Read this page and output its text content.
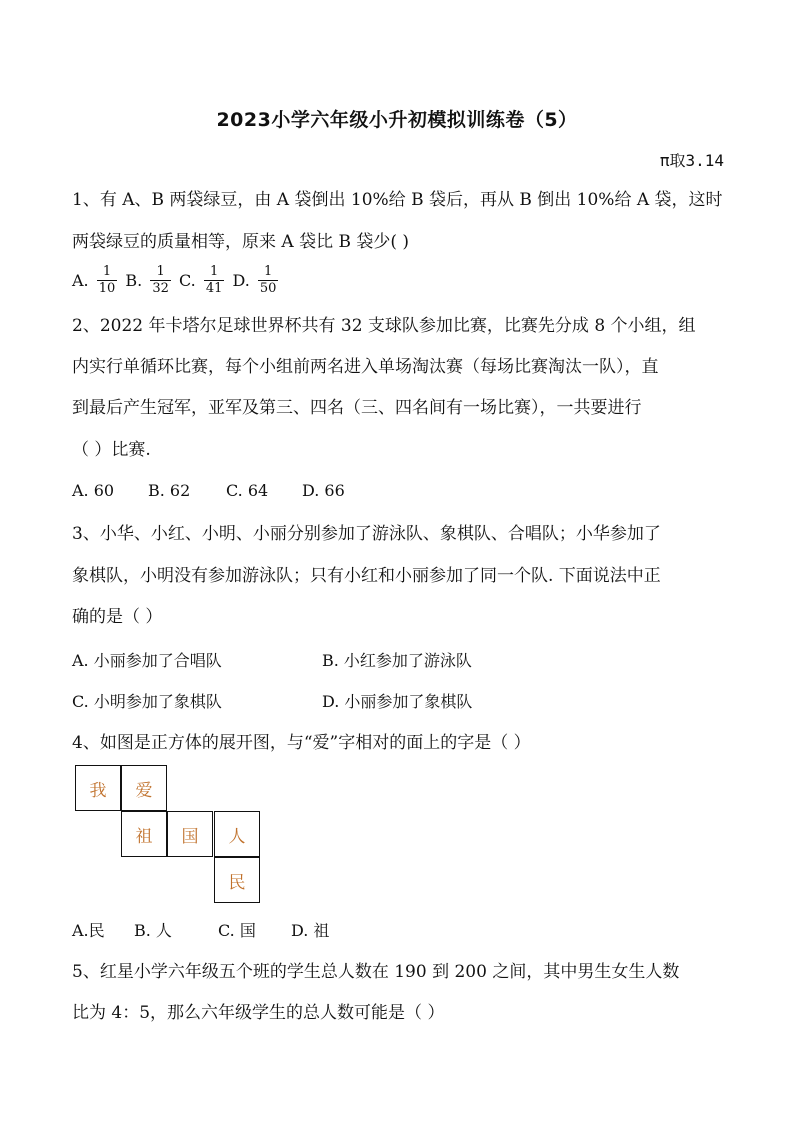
2023小学六年级小升初模拟训练卷（5）
π取3.14
1、有 A、B 两袋绿豆，由 A 袋倒出 10%给 B 袋后，再从 B 倒出 10%给 A 袋，这时
两袋绿豆的质量相等，原来 A 袋比 B 袋少( )
A. $\frac{1}{10} B$. $\frac{1}{32} C$. $\frac{1}{41} D$. $\frac{1}{50}$
2、2022 年卡塔尔足球世界杯共有 32 支球队参加比赛，比赛先分成 8 个小组，组
内实行单循环比赛，每个小组前两名进入单场淘汰赛（每场比赛淘汰一队），直
到最后产生冠军，亚军及第三、四名（三、四名间有一场比赛），一共要进行
（ ）比赛.
A. 60 B. 62 C. 64 D. 66
3、小华、小红、小明、小丽分别参加了游泳队、象棋队、合唱队；小华参加了
象棋队，小明没有参加游泳队；只有小红和小丽参加了同一个队. 下面说法中正
确的是（ ）
A. 小丽参加了合唱队	B. 小红参加了游泳队
C. 小明参加了象棋队	D. 小丽参加了象棋队
4、如图是正方体的展开图，与“爱”字相对的面上的字是（ ）
我	爱
祖	国	人
民
A.民 B. 人	C. 国 D. 祖
5、红星小学六年级五个班的学生总人数在 190 到 200 之间，其中男生女生人数
比为 4：5，那么六年级学生的总人数可能是（ ）
